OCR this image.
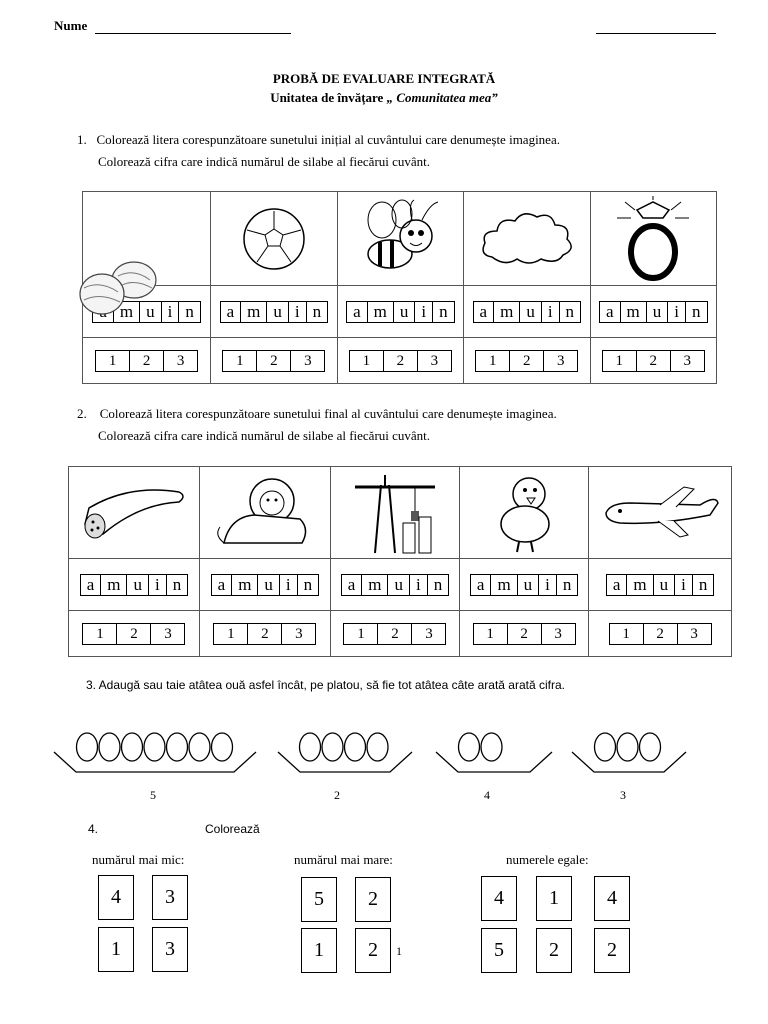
Nume
PROBĂ DE EVALUARE INTEGRATĂ
Unitatea de învățare „ Comunitatea mea”
1. Colorează litera corespunzătoare sunetului inițial al cuvântului care denumește imaginea.
Colorează cifra care indică numărul de silabe al fiecărui cuvânt.

m u i n	a m u i n	a m u i n	a m u i n	a m u i n

1 2 3	1 2 3	1 2 3	1 2 3	1 2 3
2. Colorează litera corespunzătoare sunetului final al cuvântului care denumește imaginea.
Colorează cifra care indică numărul de silabe al fiecărui cuvânt.

a m u i n	a m u i n	a m u i n	a m u i n	a m u i n

1 2 3	1 2 3	1 2 3	1 2 3	1 2 3
3. Adaugă sau taie atâtea ouă asfel încât, pe platou, să fie tot atâtea câte arată arată cifra.
5	2	4	3
4.	Colorează
numărul mai mic:	numărul mai mare:	numerele egale:
4	3
1	3
5	2
1	2
4	1	4
5	2	2
1
